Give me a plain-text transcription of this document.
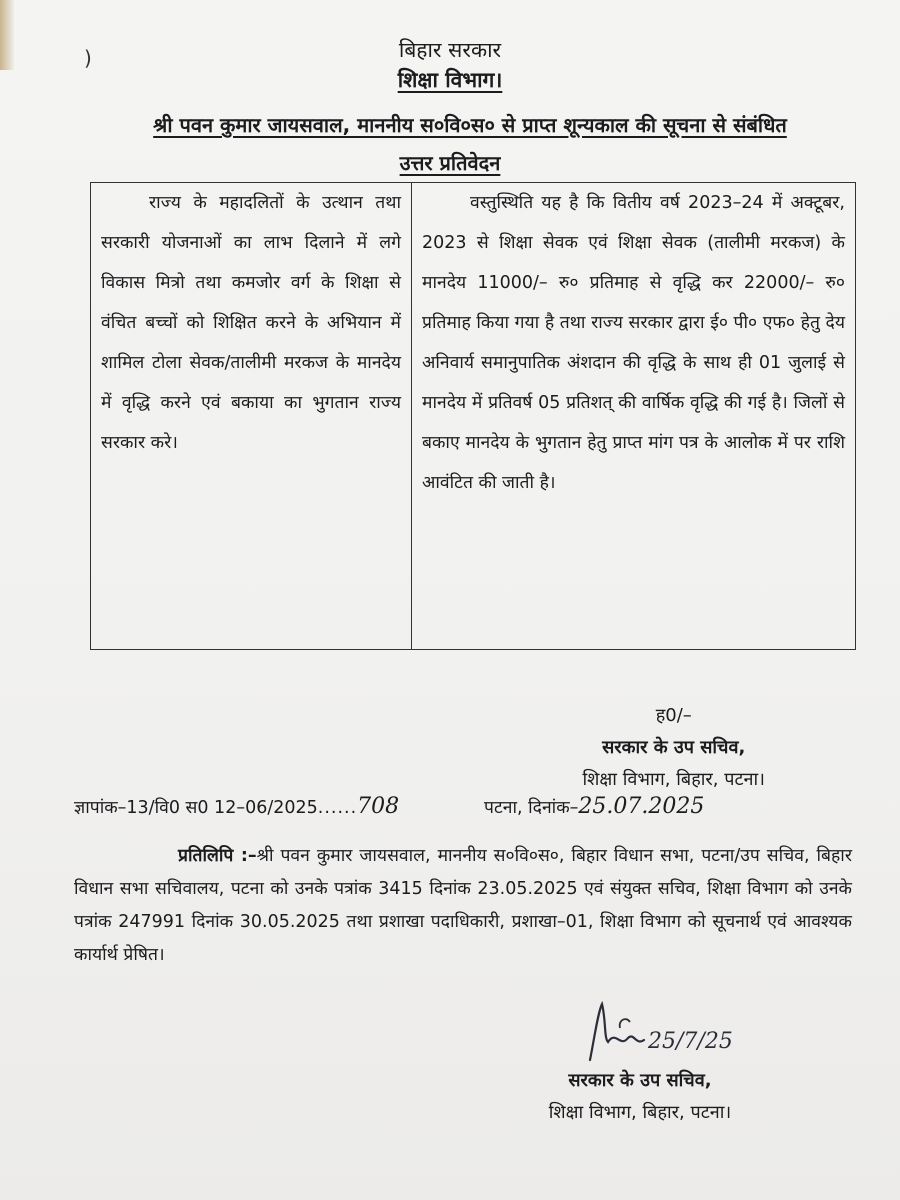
)	बिहार सरकार
शिक्षा विभाग।
श्री पवन कुमार जायसवाल, माननीय स०वि०स० से प्राप्त शून्यकाल की सूचना से संबंधित
उत्तर प्रतिवेदन
राज्य के महादलितों के उत्थान तथा सरकारी योजनाओं का लाभ दिलाने में लगे विकास मित्रो तथा कमजोर वर्ग के शिक्षा से वंचित बच्चों को शिक्षित करने के अभियान में शामिल टोला सेवक/तालीमी मरकज के मानदेय में वृद्धि करने एवं बकाया का भुगतान राज्य सरकार करे।	वस्तुस्थिति यह है कि वितीय वर्ष 2023–24 में अक्टूबर, 2023 से शिक्षा सेवक एवं शिक्षा सेवक (तालीमी मरकज) के मानदेय 11000/– रु० प्रतिमाह से वृद्धि कर 22000/– रु० प्रतिमाह किया गया है तथा राज्य सरकार द्वारा ई० पी० एफ० हेतु देय अनिवार्य समानुपातिक अंशदान की वृद्धि के साथ ही 01 जुलाई से मानदेय में प्रतिवर्ष 05 प्रतिशत् की वार्षिक वृद्धि की गई है। जिलों से बकाए मानदेय के भुगतान हेतु प्राप्त मांग पत्र के आलोक में पर राशि आवंटित की जाती है।
ह0/–
सरकार के उप सचिव,
शिक्षा विभाग, बिहार, पटना।
ज्ञापांक–13/वि0 स0 12–06/2025......708	पटना, दिनांक–25.07.2025
प्रतिलिपि :–श्री पवन कुमार जायसवाल, माननीय स०वि०स०, बिहार विधान सभा, पटना/उप सचिव, बिहार विधान सभा सचिवालय, पटना को उनके पत्रांक 3415 दिनांक 23.05.2025 एवं संयुक्त सचिव, शिक्षा विभाग को उनके पत्रांक 247991 दिनांक 30.05.2025 तथा प्रशाखा पदाधिकारी, प्रशाखा–01, शिक्षा विभाग को सूचनार्थ एवं आवश्यक कार्यार्थ प्रेषित।
25/7/25
सरकार के उप सचिव,
शिक्षा विभाग, बिहार, पटना।
